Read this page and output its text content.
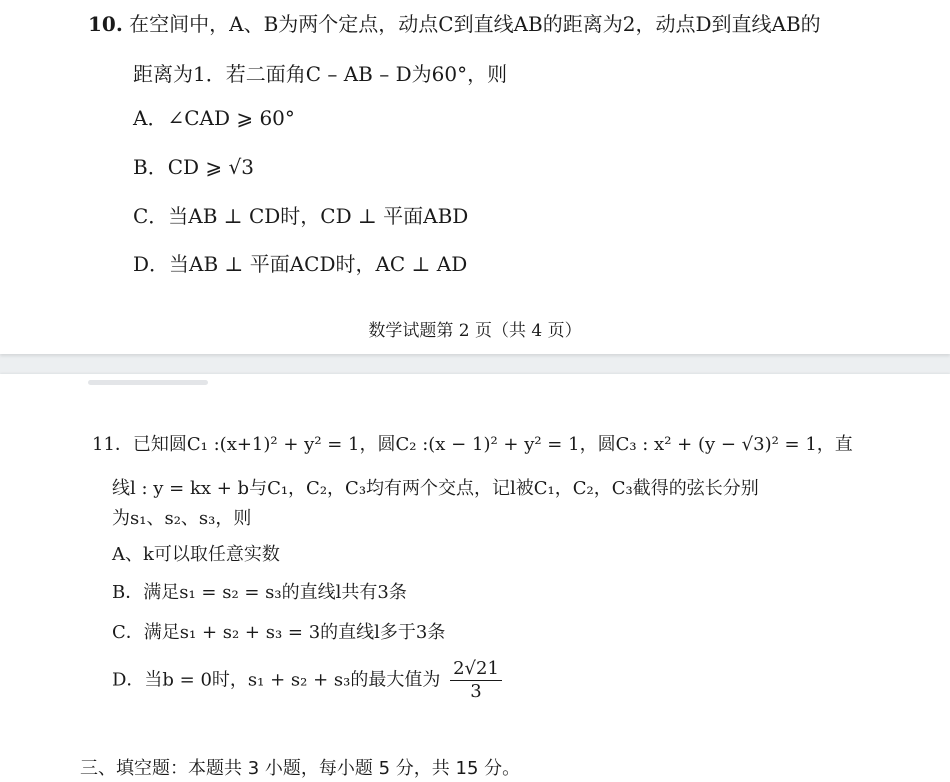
10. 在空间中，A、B为两个定点，动点C到直线AB的距离为2，动点D到直线AB的
距离为1．若二面角C – AB – D为60°，则
A．∠CAD ⩾ 60°
B．CD ⩾ √3
C．当AB ⊥ CD时，CD ⊥ 平面ABD
D．当AB ⊥ 平面ACD时，AC ⊥ AD
数学试题第 2 页（共 4 页）
11．已知圆C₁ :(x+1)² + y² = 1，圆C₂ :(x − 1)² + y² = 1，圆C₃ : x² + (y − √3)² = 1，直
线l : y = kx + b与C₁，C₂，C₃均有两个交点，记l被C₁，C₂，C₃截得的弦长分别
为s₁、s₂、s₃，则
A、k可以取任意实数
B．满足s₁ = s₂ = s₃的直线l共有3条
C．满足s₁ + s₂ + s₃ = 3的直线l多于3条
D．当b = 0时，s₁ + s₂ + s₃的最大值为 $\frac{2√21}{3}$
三、填空题：本题共 3 小题，每小题 5 分，共 15 分。
